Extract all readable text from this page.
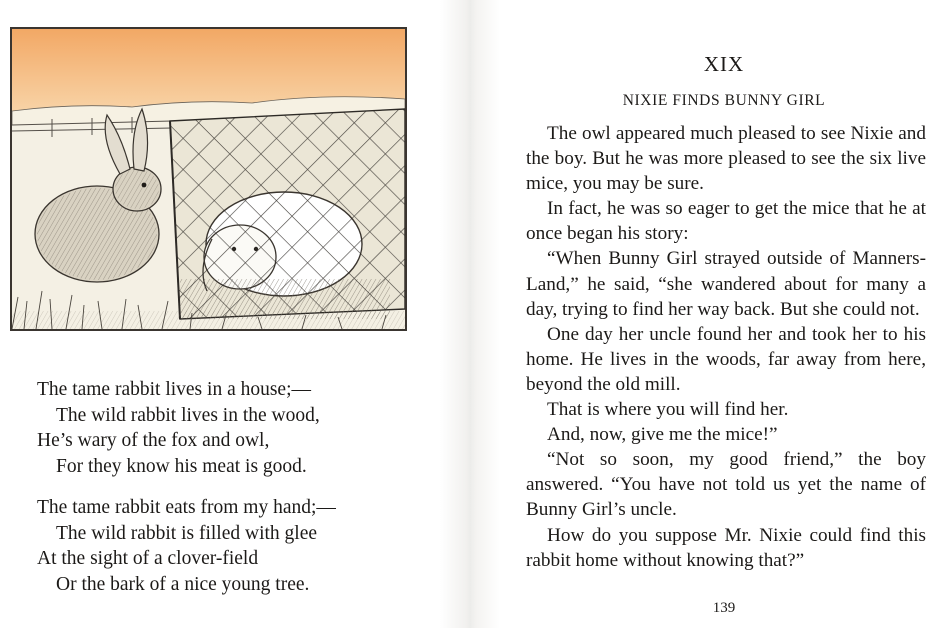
The tame rabbit lives in a house;—
The wild rabbit lives in the wood,
He’s wary of the fox and owl,
For they know his meat is good.
The tame rabbit eats from my hand;—
The wild rabbit is filled with glee
At the sight of a clover-field
Or the bark of a nice young tree.
XIX
NIXIE FINDS BUNNY GIRL

The owl appeared much pleased to see Nixie and the boy. But he was more pleased to see the six live mice, you may be sure.

In fact, he was so eager to get the mice that he at once began his story:

“When Bunny Girl strayed outside of Manners-Land,” he said, “she wandered about for many a day, trying to find her way back. But she could not.

One day her uncle found her and took her to his home. He lives in the woods, far away from here, beyond the old mill.

That is where you will find her.

And, now, give me the mice!”

“Not so soon, my good friend,” the boy answered. “You have not told us yet the name of Bunny Girl’s uncle.

How do you suppose Mr. Nixie could find this rabbit home without knowing that?”

139
